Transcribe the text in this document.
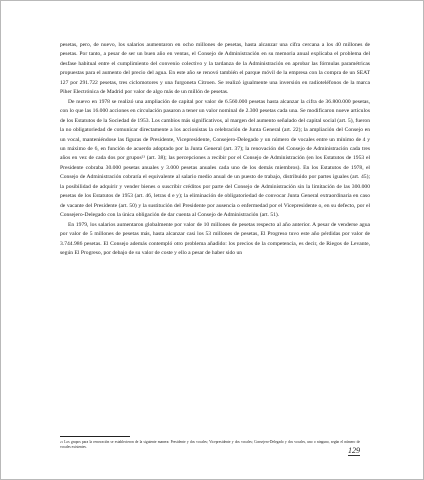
pesetas, pero, de nuevo, los salarios aumentaron en ocho millones de pesetas, hasta alcanzar una cifra cercana a los 40 millones de pesetas. Por tanto, a pesar de ser un buen año en ventas, el Consejo de Administración en su memoria anual explicaba el problema del desfase habitual entre el cumplimiento del convenio colectivo y la tardanza de la Administración en aprobar las fórmulas paramétricas propuestas para el aumento del precio del agua. En este año se renovó también el parque móvil de la empresa con la compra de un SEAT 127 por 291.722 pesetas, tres ciclomotores y una furgoneta Citroen. Se realizó igualmente una inversión en radioteléfonos de la marca Piher Electrónica de Madrid por valor de algo más de un millón de pesetas.

De nuevo en 1978 se realizó una ampliación de capital por valor de 6.560.000 pesetas hasta alcanzar la cifra de 36.800.000 pesetas, con lo que las 16.000 acciones en circulación pasaron a tener un valor nominal de 2.300 pesetas cada una. Se modificaron nueve artículos de los Estatutos de la Sociedad de 1953. Los cambios más significativos, al margen del aumento señalado del capital social (art. 5), fueron la no obligatoriedad de comunicar directamente a los accionistas la celebración de Junta General (art. 22); la ampliación del Consejo en un vocal, manteniéndose las figuras de Presidente, Vicepresidente, Consejero-Delegado y un número de vocales entre un mínimo de 4 y un máximo de 6, en función de acuerdo adoptado por la Junta General (art. 37); la renovación del Consejo de Administración cada tres años en vez de cada dos por grupos²¹ (art. 38); las percepciones a recibir por el Consejo de Administración (en los Estatutos de 1953 el Presidente cobraba 30.000 pesetas anuales y 3.000 pesetas anuales cada uno de los demás miembros). En los Estatutos de 1978, el Consejo de Administración cobraría el equivalente al salario medio anual de un puesto de trabajo, distribuido por partes iguales (art. 45); la posibilidad de adquirir y vender bienes o suscribir créditos por parte del Consejo de Administración sin la limitación de las 300.000 pesetas de los Estatutos de 1953 (art. 46, letras d e y); la eliminación de obligatoriedad de convocar Junta General extraordinaria en caso de vacante del Presidente (art. 50) y la sustitución del Presidente por ausencia o enfermedad por el Vicepresidente o, en su defecto, por el Consejero-Delegado con la única obligación de dar cuenta al Consejo de Administración (art. 51).

En 1979, los salarios aumentaron globalmente por valor de 10 millones de pesetas respecto al año anterior. A pesar de venderse agua por valor de 5 millones de pesetas más, hasta alcanzar casi los 53 millones de pesetas, El Progreso tuvo este año pérdidas por valor de 3.744.986 pesetas. El Consejo además contempló otro problema añadido: los precios de la competencia, es decir, de Riegos de Levante, según El Progreso, por debajo de su valor de coste y ello a pesar de haber sido un

$^{21}$ Los grupos para la renovación se establecieron de la siguiente manera: Presidente y dos vocales; Vicepresidente y dos vocales; Consejero-Delegado y dos vocales, uno o ninguno, según el número de vocales existentes.	129
